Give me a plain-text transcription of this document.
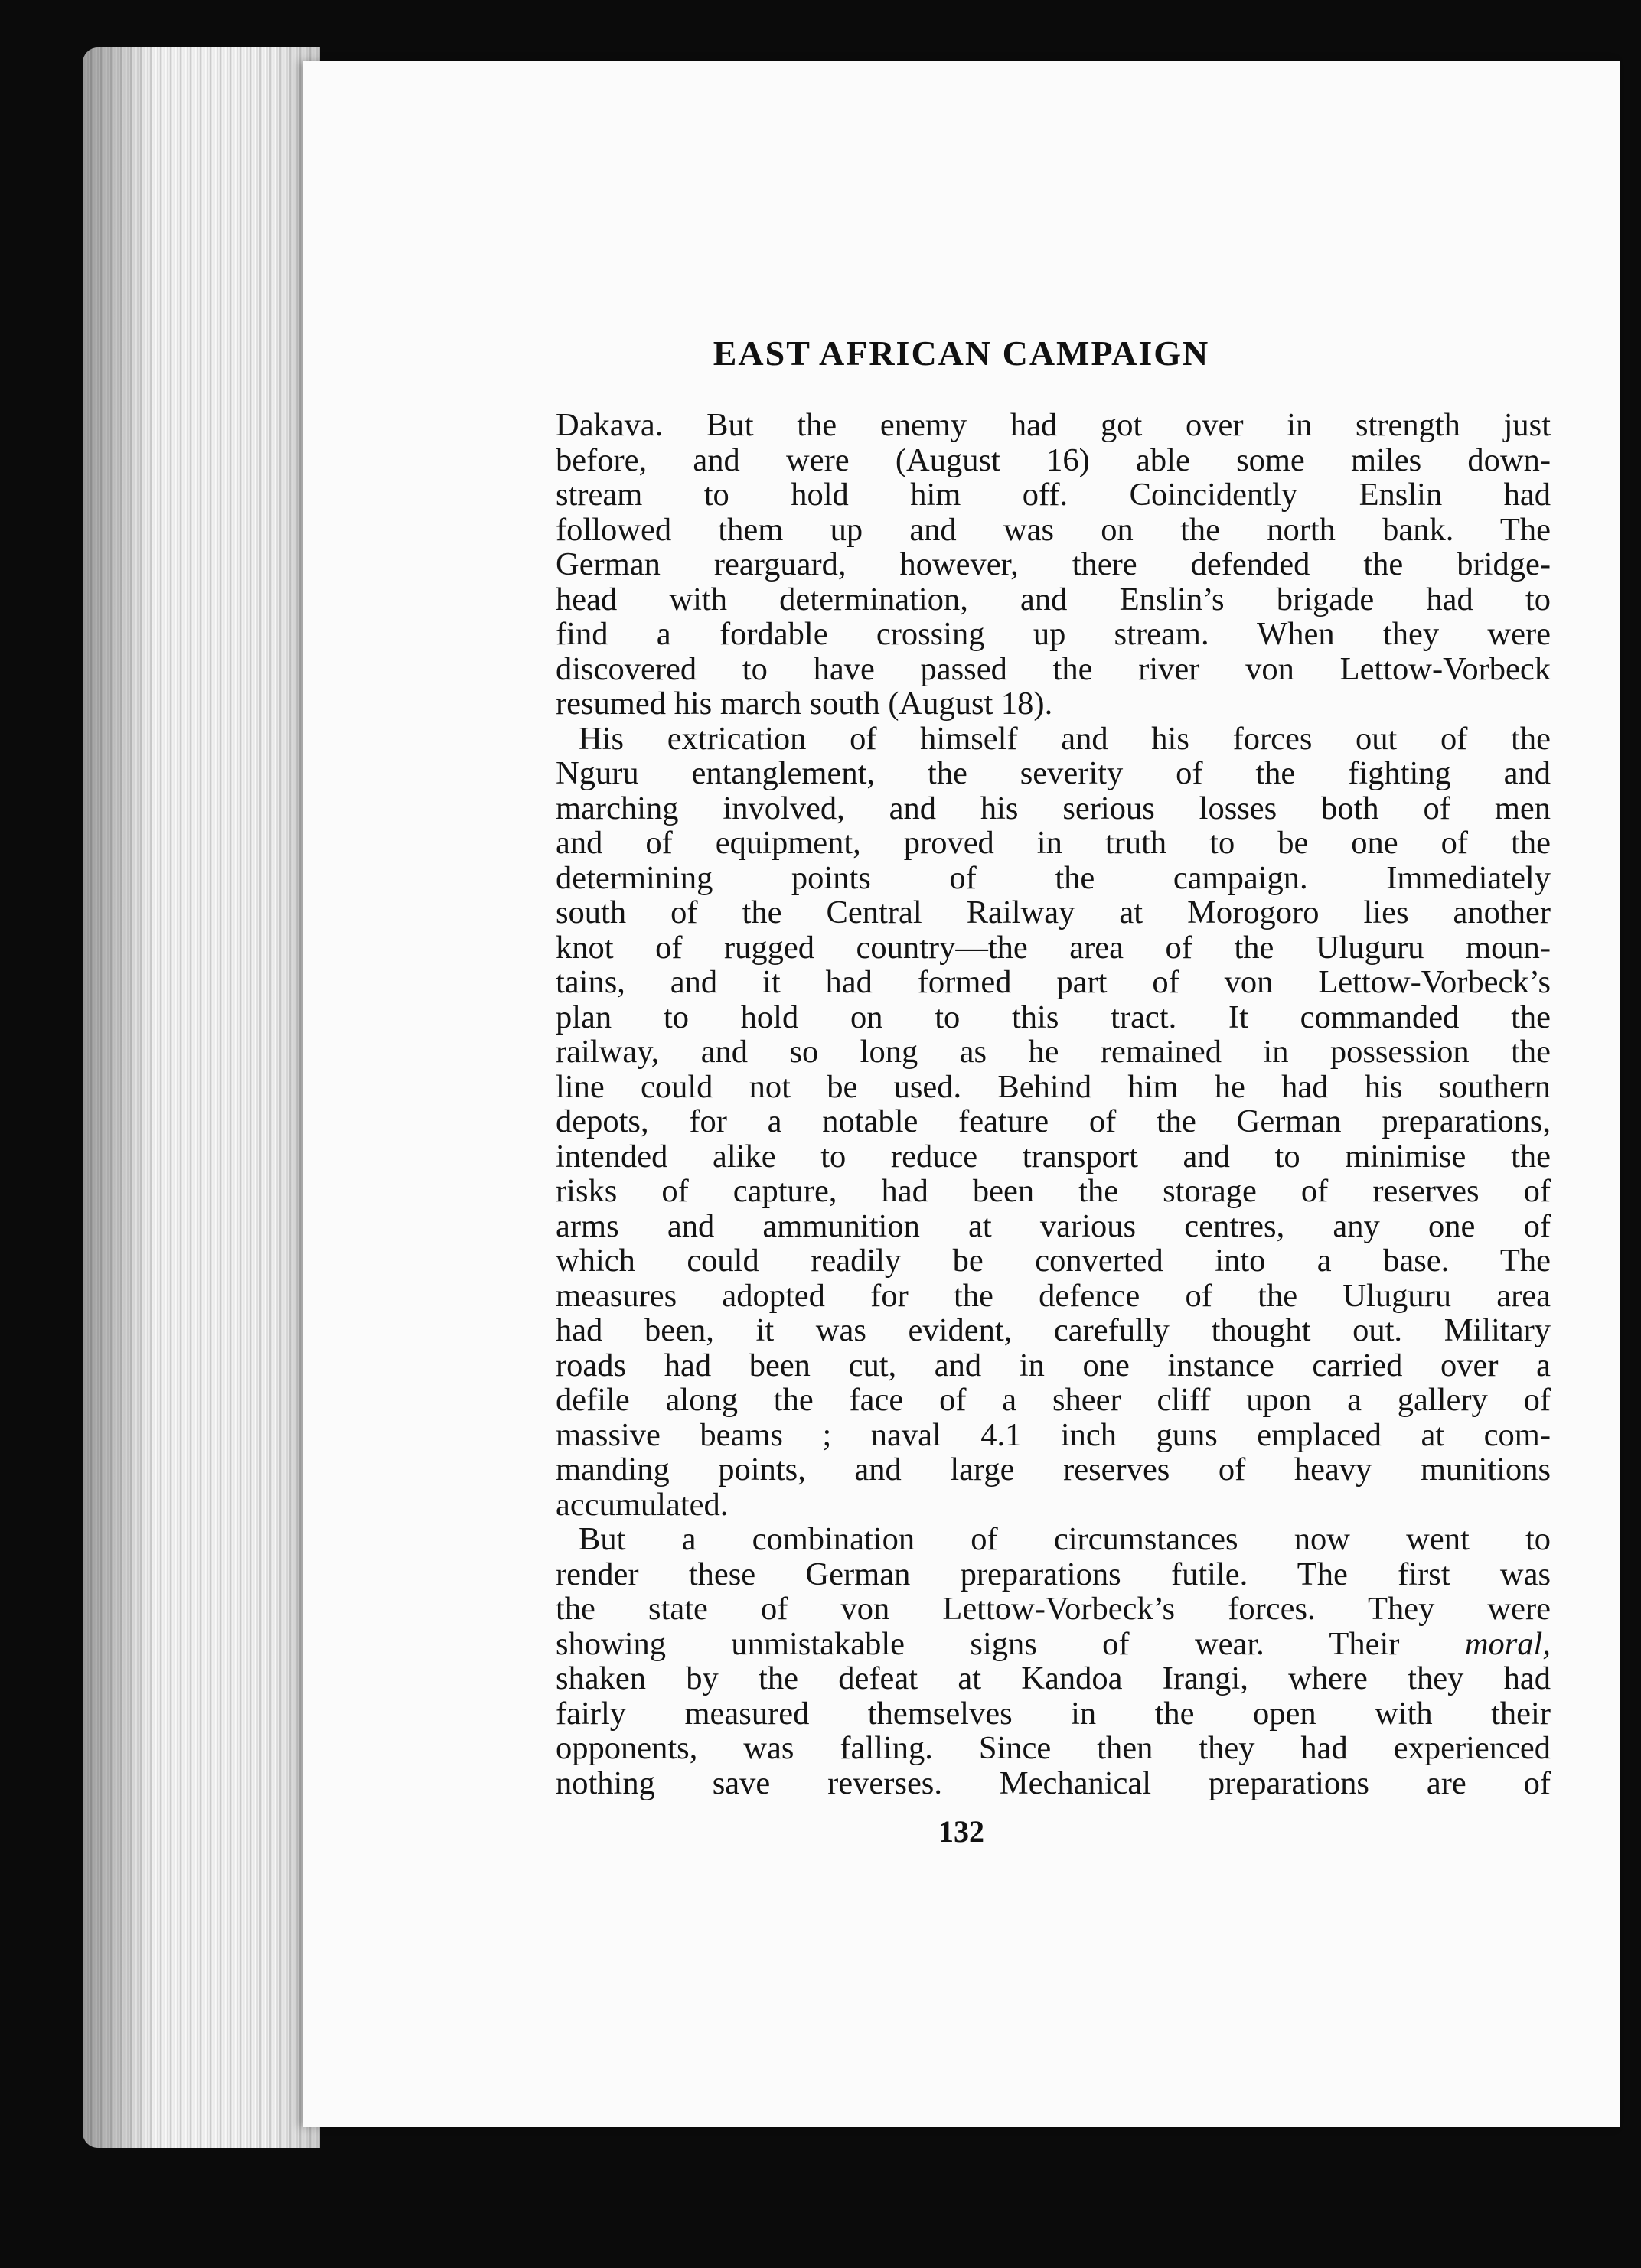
EAST AFRICAN CAMPAIGN

Dakava. But the enemy had got over in strength just

before, and were (August 16) able some miles down-

stream to hold him off. Coincidently Enslin had

followed them up and was on the north bank. The

German rearguard, however, there defended the bridge-

head with determination, and Enslin’s brigade had to

find a fordable crossing up stream. When they were

discovered to have passed the river von Lettow-Vorbeck

resumed his march south (August 18).

His extrication of himself and his forces out of the

Nguru entanglement, the severity of the fighting and

marching involved, and his serious losses both of men

and of equipment, proved in truth to be one of the

determining points of the campaign. Immediately

south of the Central Railway at Morogoro lies another

knot of rugged country—the area of the Uluguru moun-

tains, and it had formed part of von Lettow-Vorbeck’s

plan to hold on to this tract. It commanded the

railway, and so long as he remained in possession the

line could not be used. Behind him he had his southern

depots, for a notable feature of the German preparations,

intended alike to reduce transport and to minimise the

risks of capture, had been the storage of reserves of

arms and ammunition at various centres, any one of

which could readily be converted into a base. The

measures adopted for the defence of the Uluguru area

had been, it was evident, carefully thought out. Military

roads had been cut, and in one instance carried over a

defile along the face of a sheer cliff upon a gallery of

massive beams ; naval 4.1 inch guns emplaced at com-

manding points, and large reserves of heavy munitions

accumulated.

But a combination of circumstances now went to

render these German preparations futile. The first was

the state of von Lettow-Vorbeck’s forces. They were

showing unmistakable signs of wear. Their moral,

shaken by the defeat at Kandoa Irangi, where they had

fairly measured themselves in the open with their

opponents, was falling. Since then they had experienced

nothing save reverses. Mechanical preparations are of

132
